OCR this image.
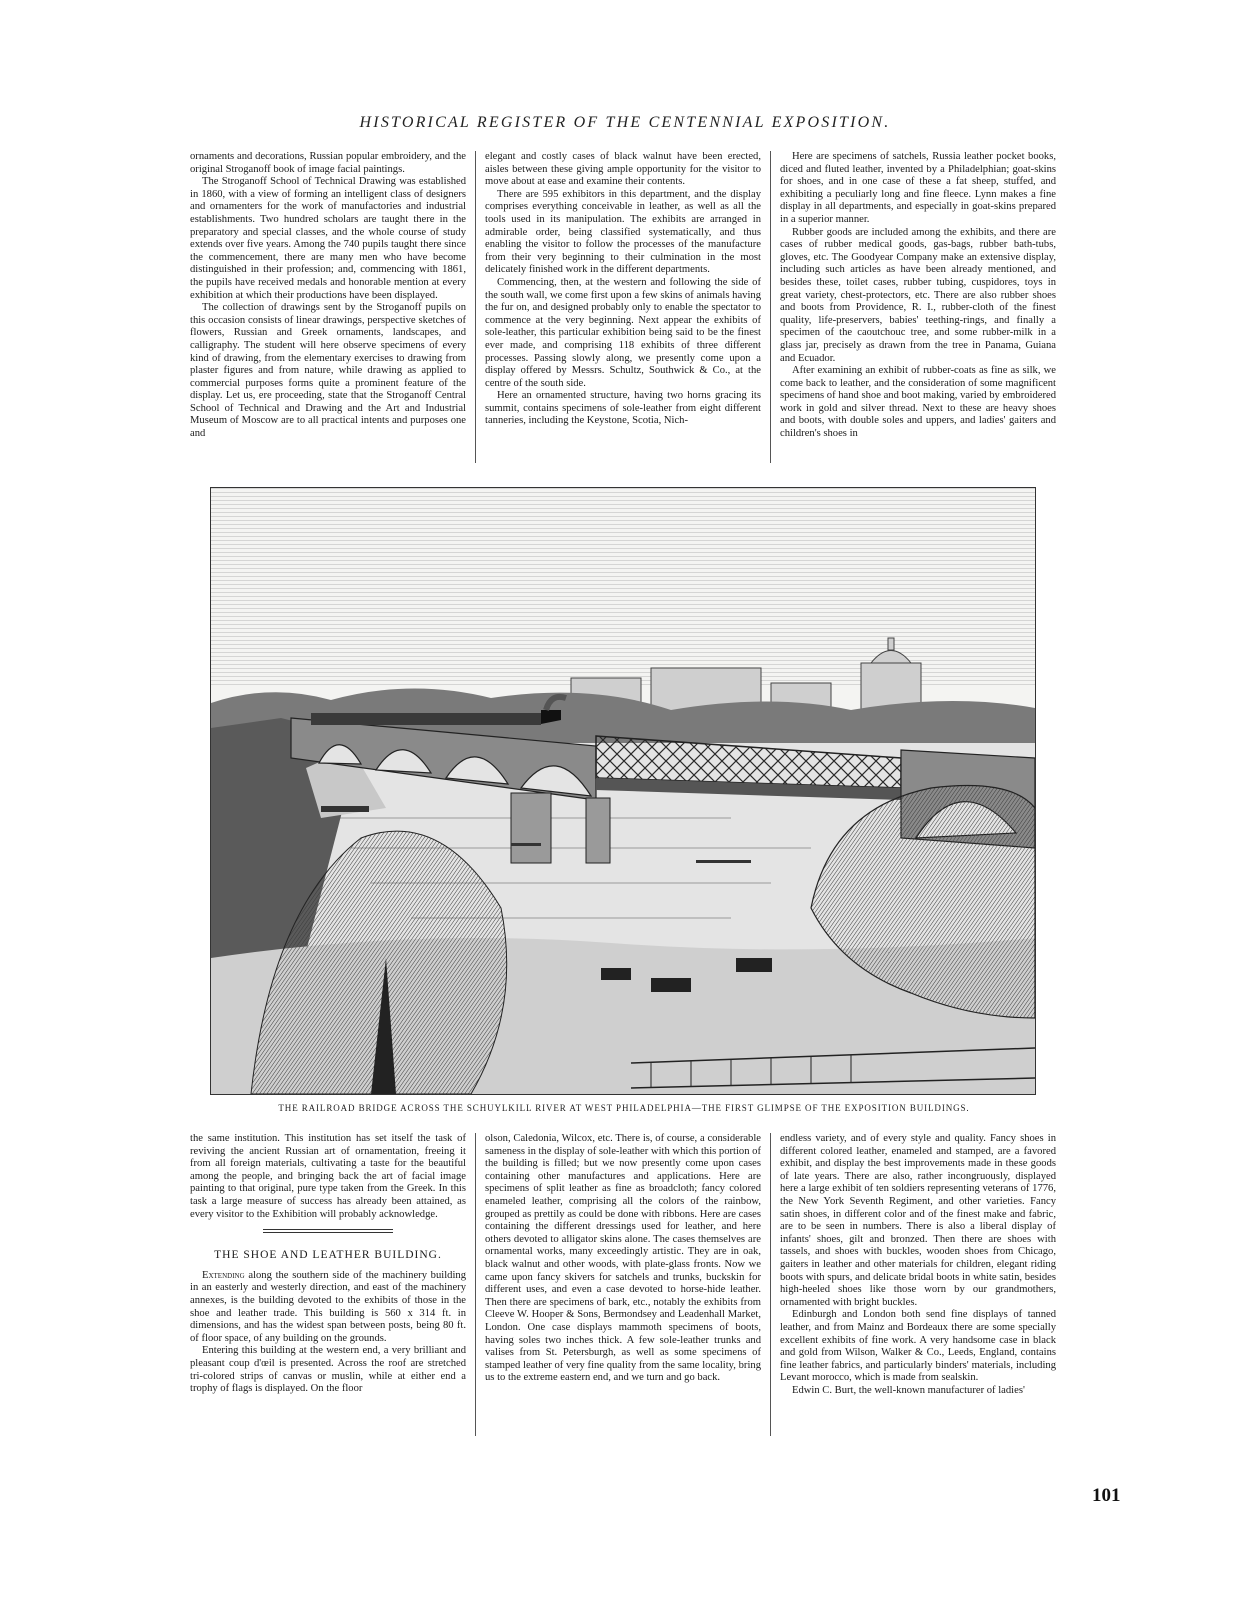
HISTORICAL REGISTER OF THE CENTENNIAL EXPOSITION.

ornaments and decorations, Russian popular embroidery, and the original Stroganoff book of image facial paintings.

The Stroganoff School of Technical Drawing was established in 1860, with a view of forming an intelligent class of designers and ornamenters for the work of manufactories and industrial establishments. Two hundred scholars are taught there in the preparatory and special classes, and the whole course of study extends over five years. Among the 740 pupils taught there since the commencement, there are many men who have become distinguished in their profession; and, commencing with 1861, the pupils have received medals and honorable mention at every exhibition at which their productions have been displayed.

The collection of drawings sent by the Stroganoff pupils on this occasion consists of linear drawings, perspective sketches of flowers, Russian and Greek ornaments, landscapes, and calligraphy. The student will here observe specimens of every kind of drawing, from the elementary exercises to drawing from plaster figures and from nature, while drawing as applied to commercial purposes forms quite a prominent feature of the display. Let us, ere proceeding, state that the Stroganoff Central School of Technical and Drawing and the Art and Industrial Museum of Moscow are to all practical intents and purposes one and

elegant and costly cases of black walnut have been erected, aisles between these giving ample opportunity for the visitor to move about at ease and examine their contents.

There are 595 exhibitors in this department, and the display comprises everything conceivable in leather, as well as all the tools used in its manipulation. The exhibits are arranged in admirable order, being classified systematically, and thus enabling the visitor to follow the processes of the manufacture from their very beginning to their culmination in the most delicately finished work in the different departments.

Commencing, then, at the western and following the side of the south wall, we come first upon a few skins of animals having the fur on, and designed probably only to enable the spectator to commence at the very beginning. Next appear the exhibits of sole-leather, this particular exhibition being said to be the finest ever made, and comprising 118 exhibits of three different processes. Passing slowly along, we presently come upon a display offered by Messrs. Schultz, Southwick & Co., at the centre of the south side.

Here an ornamented structure, having two horns gracing its summit, contains specimens of sole-leather from eight different tanneries, including the Keystone, Scotia, Nich-

Here are specimens of satchels, Russia leather pocket books, diced and fluted leather, invented by a Philadelphian; goat-skins for shoes, and in one case of these a fat sheep, stuffed, and exhibiting a peculiarly long and fine fleece. Lynn makes a fine display in all departments, and especially in goat-skins prepared in a superior manner.

Rubber goods are included among the exhibits, and there are cases of rubber medical goods, gas-bags, rubber bath-tubs, gloves, etc. The Goodyear Company make an extensive display, including such articles as have been already mentioned, and besides these, toilet cases, rubber tubing, cuspidores, toys in great variety, chest-protectors, etc. There are also rubber shoes and boots from Providence, R. I., rubber-cloth of the finest quality, life-preservers, babies' teething-rings, and finally a specimen of the caoutchouc tree, and some rubber-milk in a glass jar, precisely as drawn from the tree in Panama, Guiana and Ecuador.

After examining an exhibit of rubber-coats as fine as silk, we come back to leather, and the consideration of some magnificent specimens of hand shoe and boot making, varied by embroidered work in gold and silver thread. Next to these are heavy shoes and boots, with double soles and uppers, and ladies' gaiters and children's shoes in

THE RAILROAD BRIDGE ACROSS THE SCHUYLKILL RIVER AT WEST PHILADELPHIA—THE FIRST GLIMPSE OF THE EXPOSITION BUILDINGS.

the same institution. This institution has set itself the task of reviving the ancient Russian art of ornamentation, freeing it from all foreign materials, cultivating a taste for the beautiful among the people, and bringing back the art of facial image painting to that original, pure type taken from the Greek. In this task a large measure of success has already been attained, as every visitor to the Exhibition will probably acknowledge.

THE SHOE AND LEATHER BUILDING.

Extending along the southern side of the machinery building in an easterly and westerly direction, and east of the machinery annexes, is the building devoted to the exhibits of those in the shoe and leather trade. This building is 560 x 314 ft. in dimensions, and has the widest span between posts, being 80 ft. of floor space, of any building on the grounds.

Entering this building at the western end, a very brilliant and pleasant coup d'œil is presented. Across the roof are stretched tri-colored strips of canvas or muslin, while at either end a trophy of flags is displayed. On the floor

olson, Caledonia, Wilcox, etc. There is, of course, a considerable sameness in the display of sole-leather with which this portion of the building is filled; but we now presently come upon cases containing other manufactures and applications. Here are specimens of split leather as fine as broadcloth; fancy colored enameled leather, comprising all the colors of the rainbow, grouped as prettily as could be done with ribbons. Here are cases containing the different dressings used for leather, and here others devoted to alligator skins alone. The cases themselves are ornamental works, many exceedingly artistic. They are in oak, black walnut and other woods, with plate-glass fronts. Now we came upon fancy skivers for satchels and trunks, buckskin for different uses, and even a case devoted to horse-hide leather. Then there are specimens of bark, etc., notably the exhibits from Cleeve W. Hooper & Sons, Bermondsey and Leadenhall Market, London. One case displays mammoth specimens of boots, having soles two inches thick. A few sole-leather trunks and valises from St. Petersburgh, as well as some specimens of stamped leather of very fine quality from the same locality, bring us to the extreme eastern end, and we turn and go back.

endless variety, and of every style and quality. Fancy shoes in different colored leather, enameled and stamped, are a favored exhibit, and display the best improvements made in these goods of late years. There are also, rather incongruously, displayed here a large exhibit of ten soldiers representing veterans of 1776, the New York Seventh Regiment, and other varieties. Fancy satin shoes, in different color and of the finest make and fabric, are to be seen in numbers. There is also a liberal display of infants' shoes, gilt and bronzed. Then there are shoes with tassels, and shoes with buckles, wooden shoes from Chicago, gaiters in leather and other materials for children, elegant riding boots with spurs, and delicate bridal boots in white satin, besides high-heeled shoes like those worn by our grandmothers, ornamented with bright buckles.

Edinburgh and London both send fine displays of tanned leather, and from Mainz and Bordeaux there are some specially excellent exhibits of fine work. A very handsome case in black and gold from Wilson, Walker & Co., Leeds, England, contains fine leather fabrics, and particularly binders' materials, including Levant morocco, which is made from sealskin.

Edwin C. Burt, the well-known manufacturer of ladies'

101
